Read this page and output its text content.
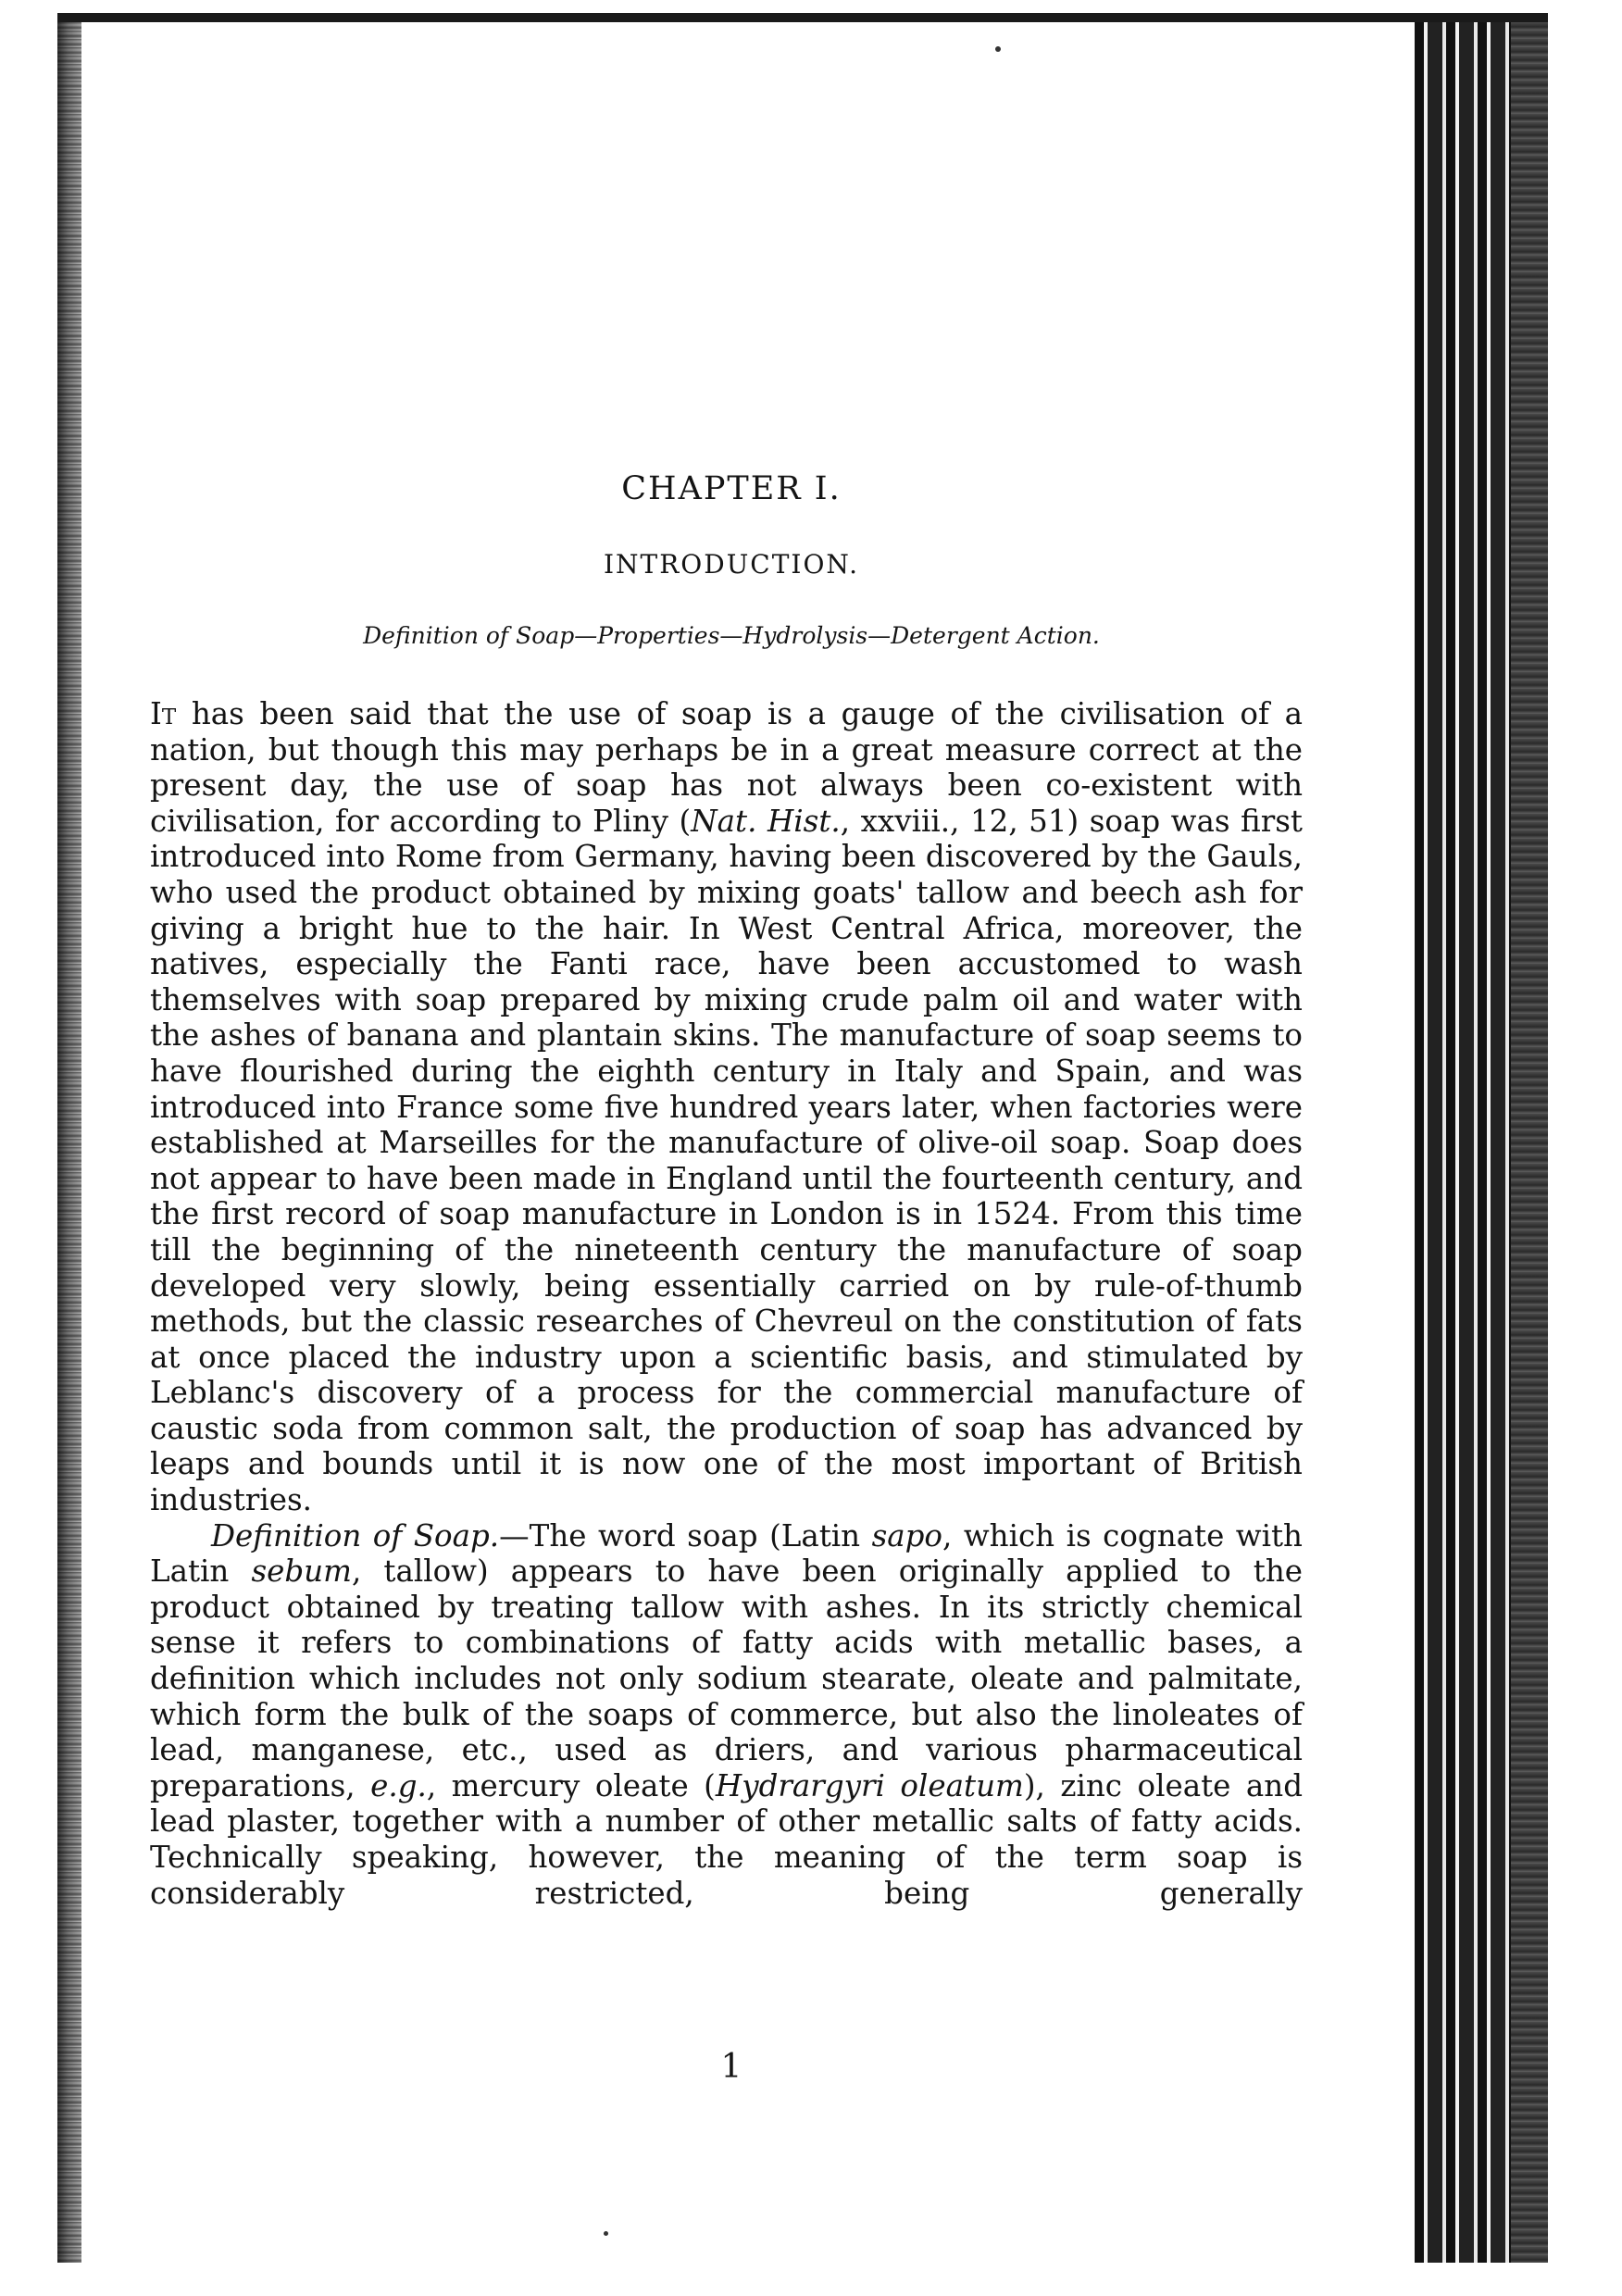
CHAPTER I.
INTRODUCTION.
Definition of Soap—Properties—Hydrolysis—Detergent Action.

It has been said that the use of soap is a gauge of the civilisation of a nation, but though this may perhaps be in a great measure correct at the present day, the use of soap has not always been co-existent with civilisation, for according to Pliny (Nat. Hist., xxviii., 12, 51) soap was first introduced into Rome from Germany, having been discovered by the Gauls, who used the product obtained by mixing goats' tallow and beech ash for giving a bright hue to the hair. In West Central Africa, moreover, the natives, especially the Fanti race, have been accustomed to wash themselves with soap prepared by mixing crude palm oil and water with the ashes of banana and plantain skins. The manufacture of soap seems to have flourished during the eighth century in Italy and Spain, and was introduced into France some five hundred years later, when factories were established at Marseilles for the manufacture of olive-oil soap. Soap does not appear to have been made in England until the fourteenth century, and the first record of soap manufacture in London is in 1524. From this time till the beginning of the nineteenth century the manufacture of soap developed very slowly, being essentially carried on by rule-of-thumb methods, but the classic researches of Chevreul on the constitution of fats at once placed the industry upon a scientific basis, and stimulated by Leblanc's discovery of a process for the commercial manufacture of caustic soda from common salt, the production of soap has advanced by leaps and bounds until it is now one of the most important of British industries.

Definition of Soap.—The word soap (Latin sapo, which is cognate with Latin sebum, tallow) appears to have been originally applied to the product obtained by treating tallow with ashes. In its strictly chemical sense it refers to combinations of fatty acids with metallic bases, a definition which includes not only sodium stearate, oleate and palmitate, which form the bulk of the soaps of commerce, but also the linoleates of lead, manganese, etc., used as driers, and various pharmaceutical preparations, e.g., mercury oleate (Hydrargyri oleatum), zinc oleate and lead plaster, together with a number of other metallic salts of fatty acids. Technically speaking, however, the meaning of the term soap is considerably restricted, being generally

1
